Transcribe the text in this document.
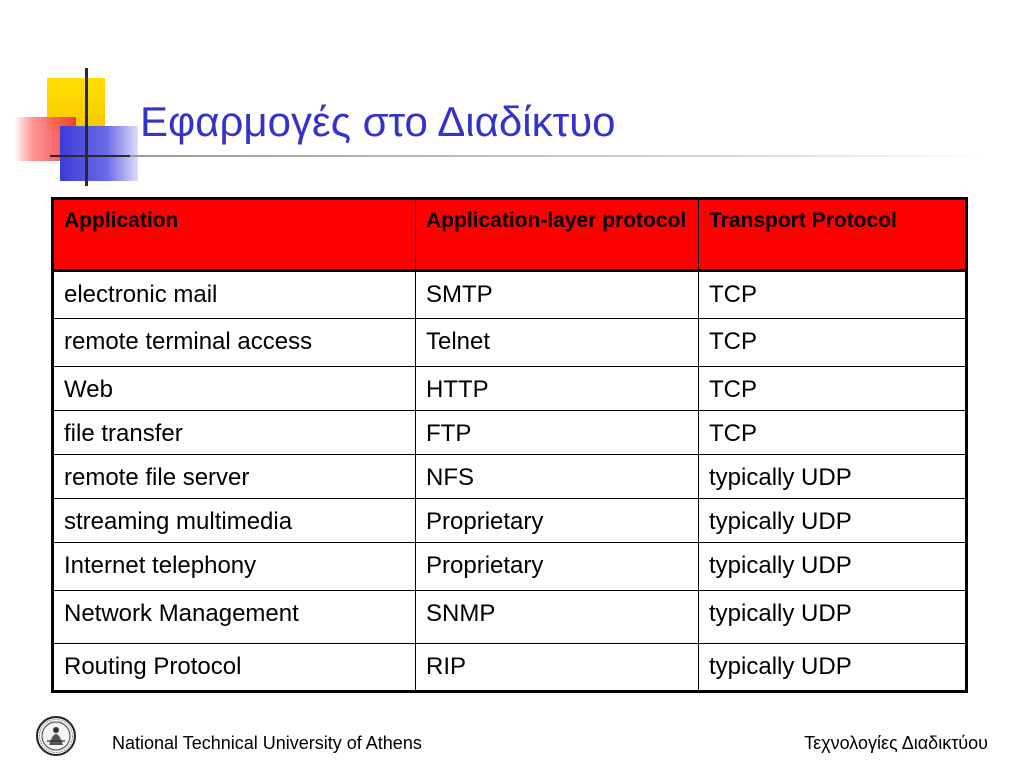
Εφαρμογές στο Διαδίκτυο
Application	Application-layer protocol	Transport Protocol
electronic mail	SMTP	TCP
remote terminal access	Telnet	TCP
Web	HTTP	TCP
file transfer	FTP	TCP
remote file server	NFS	typically UDP
streaming multimedia	Proprietary	typically UDP
Internet telephony	Proprietary	typically UDP
Network Management	SNMP	typically UDP
Routing Protocol	RIP	typically UDP
National Technical University of Athens	Τεχνολογίες Διαδικτύου
